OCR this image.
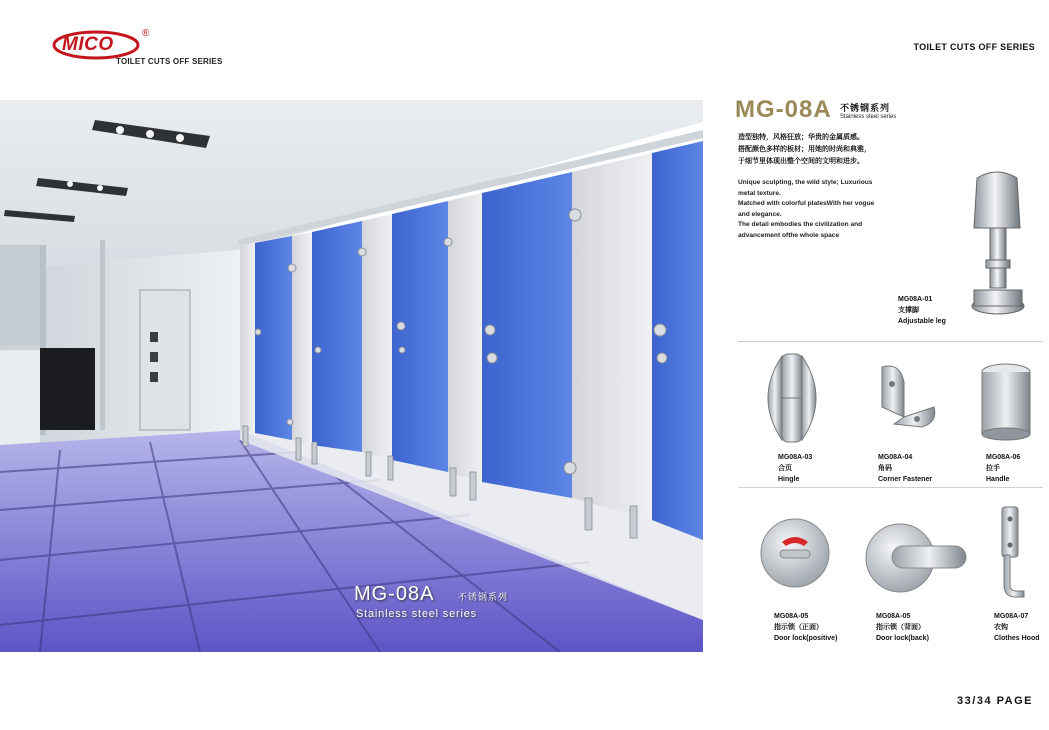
MICO
®
TOILET CUTS OFF SERIES
TOILET CUTS OFF SERIES
MG-08A	不锈钢系列
Stainless steel series
MG-08A 不锈钢系列
Stainless steel series
造型独特，风格狂放；华贵的金属质感。
搭配颜色多样的板材；用她的时尚和典雅，
于细节里体现出整个空间的文明和进步。
Unique sculpting, the wild style; Luxurious
metal texture.
Matched with colorful platesWith her vogue
and elegance.
The detail embodies the civilization and
advancement ofthe whole space
MG08A-01
支撑脚
Adjustable leg
MG08A-03
合页
Hingle
MG08A-04
角码
Corner Fastener
MG08A-06
拉手
Handle
MG08A-05
指示锁（正面）
Door lock(positive)
MG08A-05
指示锁（背面）
Door lock(back)
MG08A-07
衣钩
Clothes Hood
33/34 PAGE
